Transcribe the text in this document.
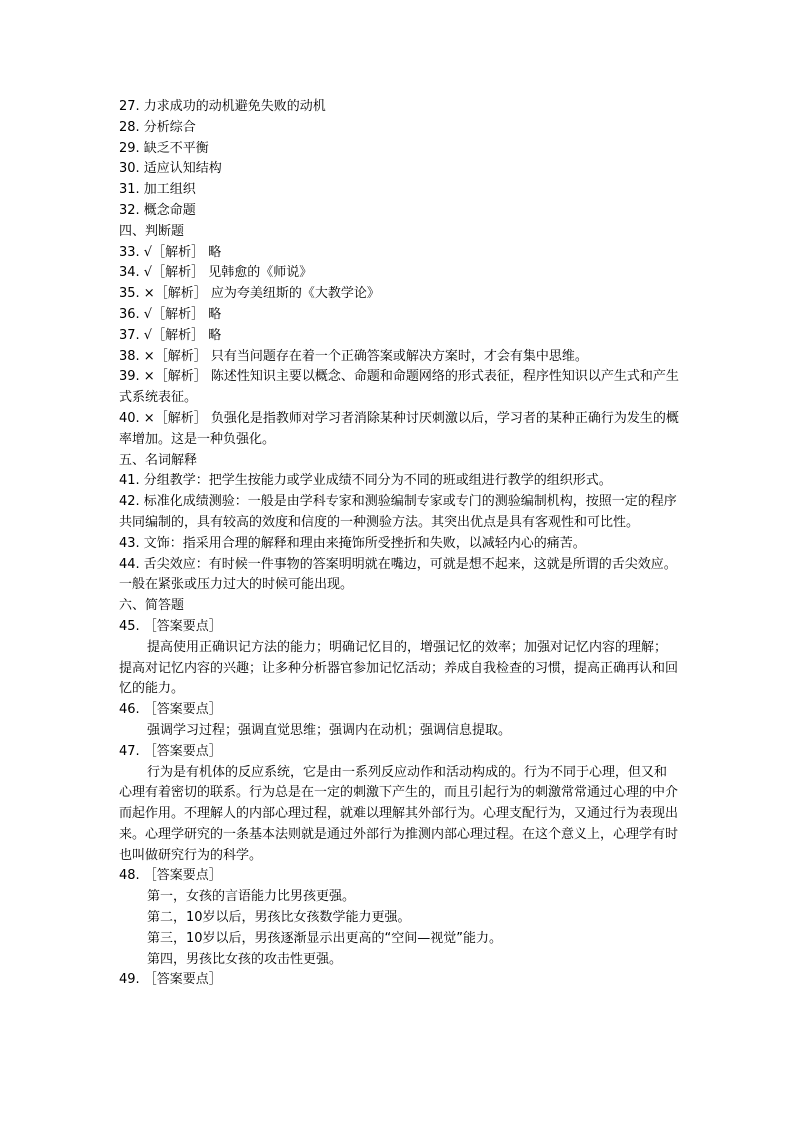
27. 力求成功的动机避免失败的动机
28. 分析综合
29. 缺乏不平衡
30. 适应认知结构
31. 加工组织
32. 概念命题
四、判断题
33. √［解析］ 略
34. √［解析］ 见韩愈的《师说》
35. ×［解析］ 应为夸美纽斯的《大教学论》
36. √［解析］ 略
37. √［解析］ 略
38. ×［解析］ 只有当问题存在着一个正确答案或解决方案时，才会有集中思维。
39. ×［解析］ 陈述性知识主要以概念、命题和命题网络的形式表征，程序性知识以产生式和产生式系统表征。
40. ×［解析］ 负强化是指教师对学习者消除某种讨厌刺激以后，学习者的某种正确行为发生的概率增加。这是一种负强化。
五、名词解释
41. 分组教学：把学生按能力或学业成绩不同分为不同的班或组进行教学的组织形式。
42. 标准化成绩测验：一般是由学科专家和测验编制专家或专门的测验编制机构，按照一定的程序共同编制的，具有较高的效度和信度的一种测验方法。其突出优点是具有客观性和可比性。
43. 文饰：指采用合理的解释和理由来掩饰所受挫折和失败，以减轻内心的痛苦。
44. 舌尖效应：有时候一件事物的答案明明就在嘴边，可就是想不起来，这就是所谓的舌尖效应。一般在紧张或压力过大的时候可能出现。
六、简答题
45. ［答案要点］
提高使用正确识记方法的能力；明确记忆目的，增强记忆的效率；加强对记忆内容的理解；提高对记忆内容的兴趣；让多种分析器官参加记忆活动；养成自我检查的习惯，提高正确再认和回忆的能力。
46. ［答案要点］
强调学习过程；强调直觉思维；强调内在动机；强调信息提取。
47. ［答案要点］
行为是有机体的反应系统，它是由一系列反应动作和活动构成的。行为不同于心理，但又和心理有着密切的联系。行为总是在一定的刺激下产生的，而且引起行为的刺激常常通过心理的中介而起作用。不理解人的内部心理过程，就难以理解其外部行为。心理支配行为，又通过行为表现出来。心理学研究的一条基本法则就是通过外部行为推测内部心理过程。在这个意义上，心理学有时也叫做研究行为的科学。
48. ［答案要点］
第一，女孩的言语能力比男孩更强。
第二，10岁以后，男孩比女孩数学能力更强。
第三，10岁以后，男孩逐渐显示出更高的“空间—视觉”能力。
第四，男孩比女孩的攻击性更强。
49. ［答案要点］
